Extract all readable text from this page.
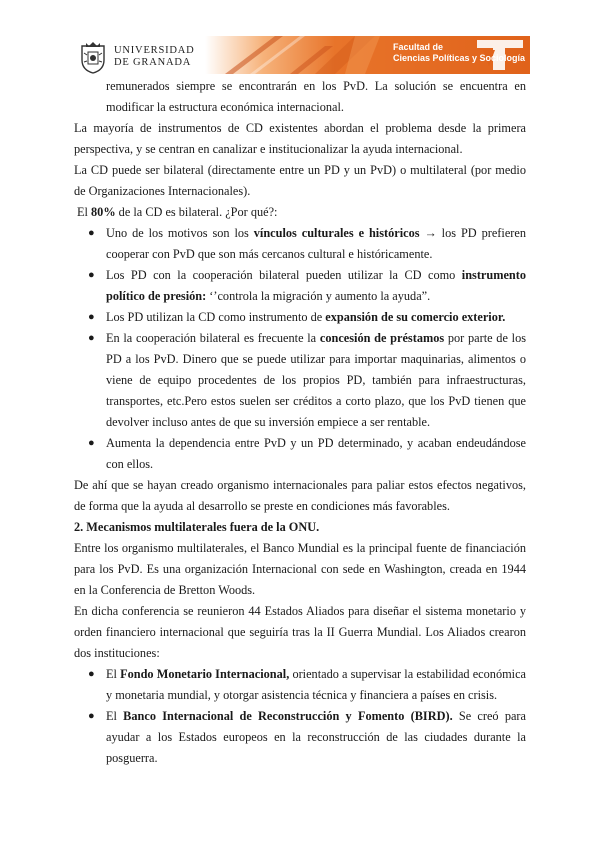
UNIVERSIDAD
DE GRANADA
Facultad de
Ciencias Políticas y Sociología

remunerados siempre se encontrarán en los PvD. La solución se encuentra en modificar la estructura económica internacional.

La mayoría de instrumentos de CD existentes abordan el problema desde la primera perspectiva, y se centran en canalizar e institucionalizar la ayuda internacional.

La CD puede ser bilateral (directamente entre un PD y un PvD) o multilateral (por medio de Organizaciones Internacionales).

El 80% de la CD es bilateral. ¿Por qué?:

● Uno de los motivos son los vínculos culturales e históricos → los PD prefieren cooperar con PvD que son más cercanos cultural e históricamente.
● Los PD con la cooperación bilateral pueden utilizar la CD como instrumento político de presión: ‘’controla la migración y aumento la ayuda”.
● Los PD utilizan la CD como instrumento de expansión de su comercio exterior.
● En la cooperación bilateral es frecuente la concesión de préstamos por parte de los PD a los PvD. Dinero que se puede utilizar para importar maquinarias, alimentos o viene de equipo procedentes de los propios PD, también para infraestructuras, transportes, etc.Pero estos suelen ser créditos a corto plazo, que los PvD tienen que devolver incluso antes de que su inversión empiece a ser rentable.
● Aumenta la dependencia entre PvD y un PD determinado, y acaban endeudándose con ellos.

De ahí que se hayan creado organismo internacionales para paliar estos efectos negativos, de forma que la ayuda al desarrollo se preste en condiciones más favorables.

2. Mecanismos multilaterales fuera de la ONU.

Entre los organismo multilaterales, el Banco Mundial es la principal fuente de financiación para los PvD. Es una organización Internacional con sede en Washington, creada en 1944 en la Conferencia de Bretton Woods.

En dicha conferencia se reunieron 44 Estados Aliados para diseñar el sistema monetario y orden financiero internacional que seguiría tras la II Guerra Mundial. Los Aliados crearon dos instituciones:

● El Fondo Monetario Internacional, orientado a supervisar la estabilidad económica y monetaria mundial, y otorgar asistencia técnica y financiera a países en crisis.
● El Banco Internacional de Reconstrucción y Fomento (BIRD). Se creó para ayudar a los Estados europeos en la reconstrucción de las ciudades durante la posguerra.
